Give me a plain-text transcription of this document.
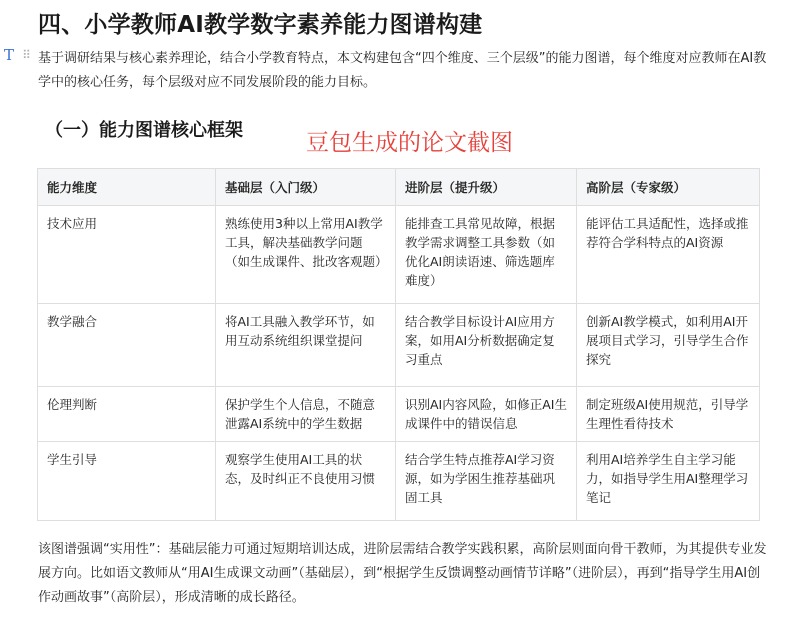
四、小学教师AI教学数字素养能力图谱构建
T ⠿ 基于调研结果与核心素养理论，结合小学教育特点，本文构建包含“四个维度、三个层级”的能力图谱，每个维度对应教师在AI教学中的核心任务，每个层级对应不同发展阶段的能力目标。
（一）能力图谱核心框架	豆包生成的论文截图
能力维度	基础层（入门级）	进阶层（提升级）	高阶层（专家级）
技术应用	熟练使用3种以上常用AI教学工具，解决基础教学问题（如生成课件、批改客观题）	能排查工具常见故障，根据教学需求调整工具参数（如优化AI朗读语速、筛选题库难度）	能评估工具适配性，选择或推荐符合学科特点的AI资源
教学融合	将AI工具融入教学环节，如用互动系统组织课堂提问	结合教学目标设计AI应用方案，如用AI分析数据确定复习重点	创新AI教学模式，如利用AI开展项目式学习，引导学生合作探究
伦理判断	保护学生个人信息，不随意泄露AI系统中的学生数据	识别AI内容风险，如修正AI生成课件中的错误信息	制定班级AI使用规范，引导学生理性看待技术
学生引导	观察学生使用AI工具的状态，及时纠正不良使用习惯	结合学生特点推荐AI学习资源，如为学困生推荐基础巩固工具	利用AI培养学生自主学习能力，如指导学生用AI整理学习笔记
该图谱强调“实用性”：基础层能力可通过短期培训达成，进阶层需结合教学实践积累，高阶层则面向骨干教师，为其提供专业发展方向。比如语文教师从“用AI生成课文动画”（基础层），到“根据学生反馈调整动画情节详略”（进阶层），再到“指导学生用AI创作动画故事”（高阶层），形成清晰的成长路径。
